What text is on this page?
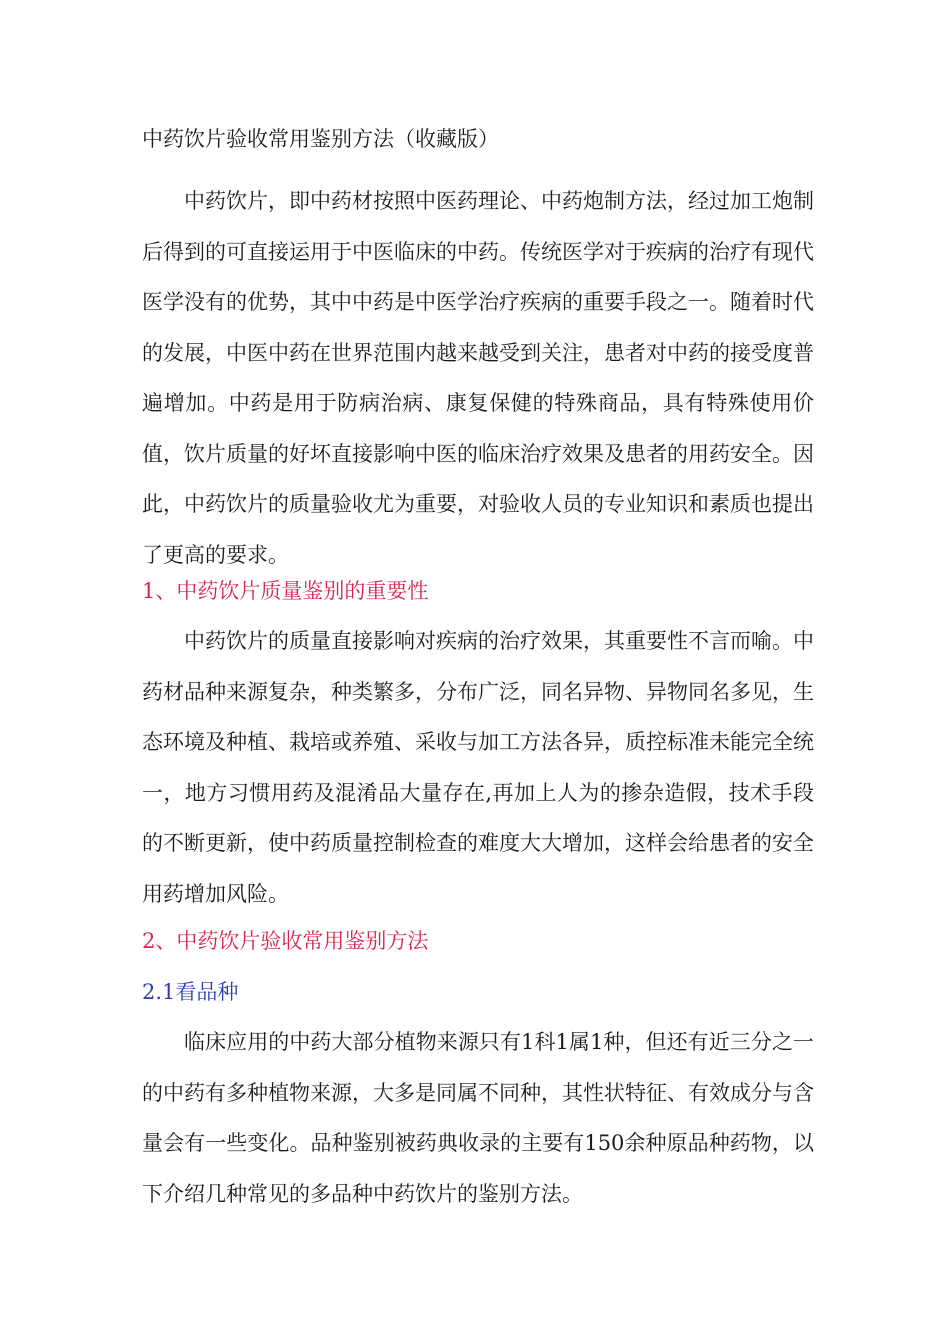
中药饮片验收常用鉴别方法（收藏版）

中药饮片，即中药材按照中医药理论、中药炮制方法，经过加工炮制后得到的可直接运用于中医临床的中药。传统医学对于疾病的治疗有现代医学没有的优势，其中中药是中医学治疗疾病的重要手段之一。随着时代的发展，中医中药在世界范围内越来越受到关注，患者对中药的接受度普遍增加。中药是用于防病治病、康复保健的特殊商品，具有特殊使用价值，饮片质量的好坏直接影响中医的临床治疗效果及患者的用药安全。因此，中药饮片的质量验收尤为重要，对验收人员的专业知识和素质也提出了更高的要求。

1、中药饮片质量鉴别的重要性

中药饮片的质量直接影响对疾病的治疗效果，其重要性不言而喻。中药材品种来源复杂，种类繁多，分布广泛，同名异物、异物同名多见，生态环境及种植、栽培或养殖、采收与加工方法各异，质控标准未能完全统一，地方习惯用药及混淆品大量存在,再加上人为的掺杂造假，技术手段的不断更新，使中药质量控制检查的难度大大增加，这样会给患者的安全用药增加风险。

2、中药饮片验收常用鉴别方法
2.1看品种

临床应用的中药大部分植物来源只有1科1属1种，但还有近三分之一的中药有多种植物来源，大多是同属不同种，其性状特征、有效成分与含量会有一些变化。品种鉴别被药典收录的主要有150余种原品种药物，以下介绍几种常见的多品种中药饮片的鉴别方法。
